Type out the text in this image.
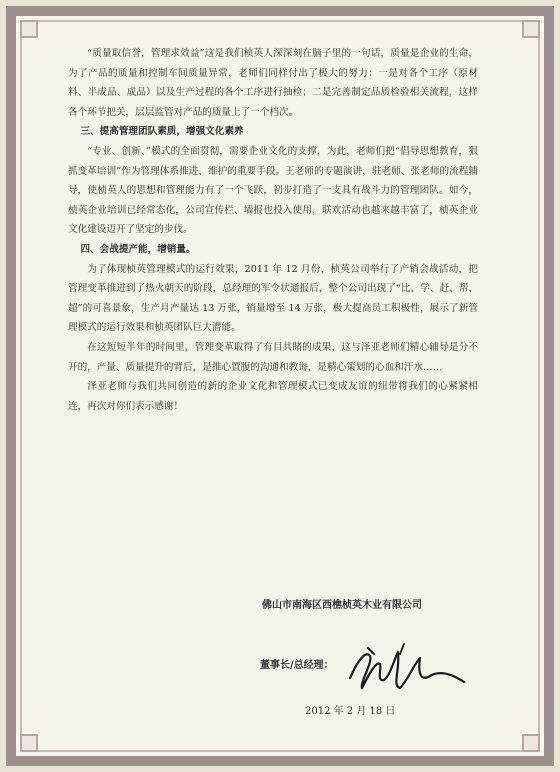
“质量取信誉，管理求效益”这是我们桢英人深深刻在脑子里的一句话，质量是企业的生命，为了产品的质量和控制车间质量异常，老师们同样付出了极大的努力：一是对各个工序（原材料、半成品、成品）以及生产过程的各个工序进行抽检；二是完善制定品质检验相关流程，这样各个环节把关，层层监管对产品的质量上了一个档次。

三、提高管理团队素质，增强文化素养

“专业、创新、”模式的全面贯彻，需要企业文化的支撑，为此，老师们把“倡导思想教育，狠抓变革培训”作为管理体系推进、维护的重要手段。王老师的专题演讲，驻老师、张老师的流程辅导，使桢英人的思想和管理能力有了一个飞跃，初步打造了一支具有战斗力的管理团队。如今，桢英企业培训已经常态化，公司宣传栏、墙报也投入使用，联欢活动也越来越丰富了，桢英企业文化建设迈开了坚定的步伐。

四、会战提产能，增销量。

为了体现桢英管理模式的运行效果，2011 年 12 月份，桢英公司举行了产销会战活动，把管理变革推进到了热火朝天的阶段，总经理的军令状通报后，整个公司出现了“比、学、赶、帮、超”的可喜景象，生产月产量达 13 万张，销量增至 14 万张，极大提高员工积极性，展示了新管理模式的运行效果和桢英团队巨大潜能。

在这短短半年的时间里，管理变革取得了有目共睹的成果，这与泽亚老师们精心辅导是分不开的，产量、质量提升的背后，是推心置腹的沟通和教诲，是精心策划的心血和汗水……

泽亚老师与我们共同创造的新的企业文化和管理模式已变成友谊的纽带将我们的心紧紧相连，再次对你们表示感谢！

佛山市南海区西樵桢英木业有限公司
董事长/总经理：
2012 年 2 月 18 日
